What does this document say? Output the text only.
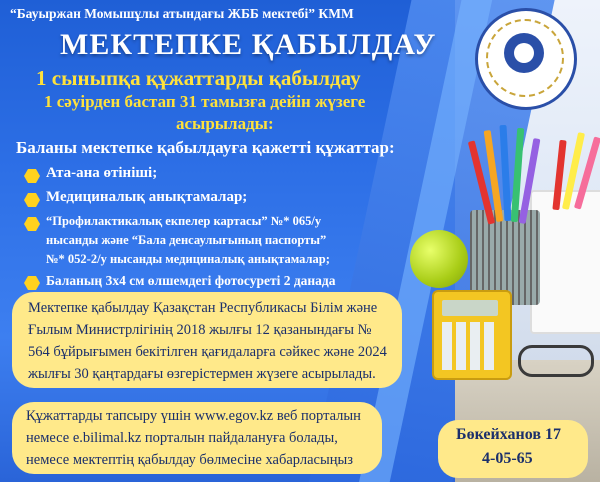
“Бауыржан Момышұлы атындағы ЖББ мектебі” КММ
МЕКТЕПКЕ ҚАБЫЛДАУ
1 сыныпқа құжаттарды қабылдау
1 сәуірден бастап 31 тамызға дейін жүзеге
асырылады:
Баланы мектепке қабылдауға қажетті құжаттар:
Ата-ана өтініші;
Медициналық анықтамалар;
“Профилактикалық екпелер картасы” №* 065/у
нысанды және “Бала денсаулығының паспорты”
№* 052-2/у нысанды медициналық анықтамалар;
Баланың 3х4 см өлшемдегі фотосуреті 2 данада
Мектепке қабылдау Қазақстан Республикасы Білім және
Ғылым Министрлігінің 2018 жылғы 12 қазанындағы №
564 бұйрығымен бекітілген қағидаларға сәйкес және 2024
жылғы 30 қаңтардағы өзгерістермен жүзеге асырылады.
Құжаттарды тапсыру үшін www.egov.kz веб порталын
немесе e.bilimal.kz порталын пайдалануға болады,
немесе мектептің қабылдау бөлмесіне хабарласыңыз
Бөкейханов 17
4-05-65
